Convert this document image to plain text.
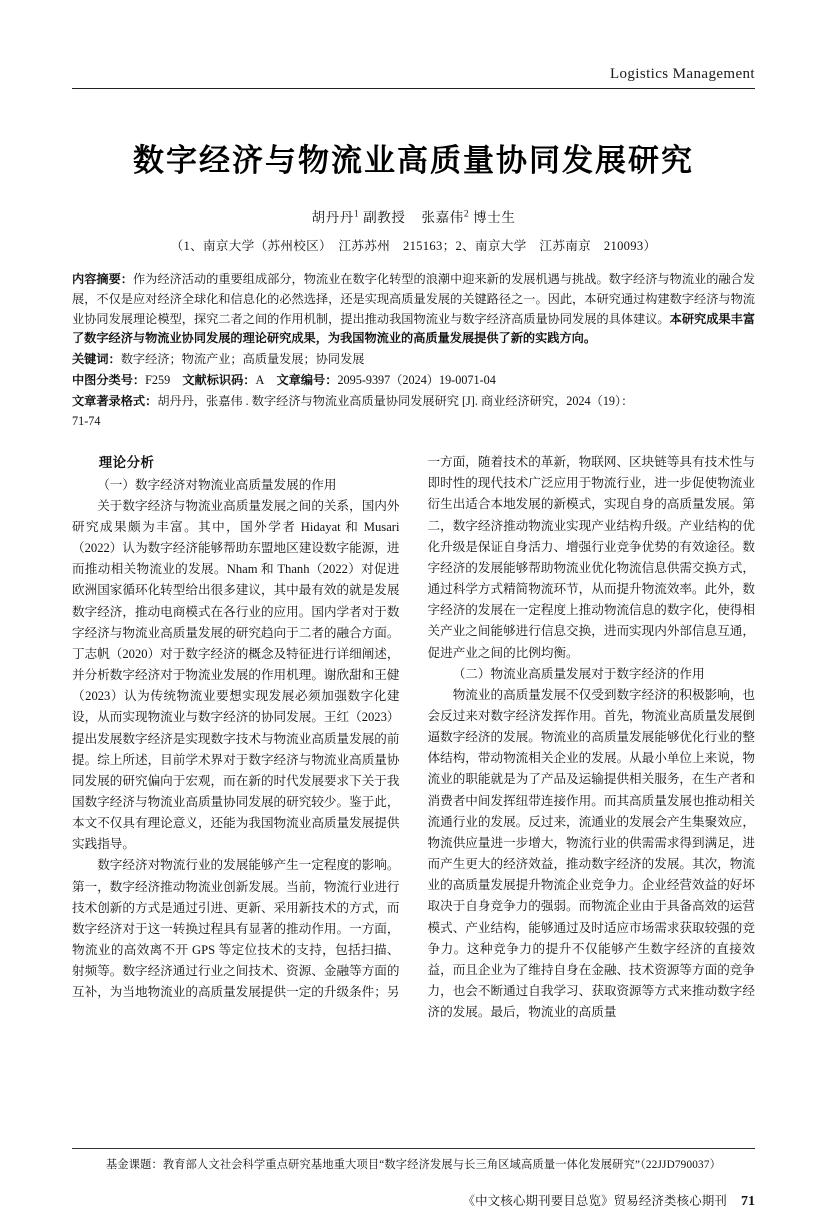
Logistics Management
数字经济与物流业高质量协同发展研究
胡丹丹$^1$ 副教授 张嘉伟$^2$ 博士生
（1、南京大学（苏州校区）　江苏苏州　215163；2、南京大学　江苏南京　210093）

内容摘要：作为经济活动的重要组成部分，物流业在数字化转型的浪潮中迎来新的发展机遇与挑战。数字经济与物流业的融合发展，不仅是应对经济全球化和信息化的必然选择，还是实现高质量发展的关键路径之一。因此，本研究通过构建数字经济与物流业协同发展理论模型，探究二者之间的作用机制，提出推动我国物流业与数字经济高质量协同发展的具体建议。本研究成果丰富了数字经济与物流业协同发展的理论研究成果，为我国物流业的高质量发展提供了新的实践方向。

关键词：数字经济；物流产业；高质量发展；协同发展

中图分类号：F259 文献标识码：A 文章编号：2095-9397（2024）19-0071-04

文章著录格式：胡丹丹，张嘉伟 . 数字经济与物流业高质量协同发展研究 [J]. 商业经济研究，2024（19）：

71-74

理论分析

（一）数字经济对物流业高质量发展的作用

关于数字经济与物流业高质量发展之间的关系，国内外研究成果颇为丰富。其中，国外学者 Hidayat 和 Musari（2022）认为数字经济能够帮助东盟地区建设数字能源，进而推动相关物流业的发展。Nham 和 Thanh（2022）对促进欧洲国家循环化转型给出很多建议，其中最有效的就是发展数字经济，推动电商模式在各行业的应用。国内学者对于数字经济与物流业高质量发展的研究趋向于二者的融合方面。丁志帆（2020）对于数字经济的概念及特征进行详细阐述，并分析数字经济对于物流业发展的作用机理。谢欣甜和王健（2023）认为传统物流业要想实现发展必须加强数字化建设，从而实现物流业与数字经济的协同发展。王红（2023）提出发展数字经济是实现数字技术与物流业高质量发展的前提。综上所述，目前学术界对于数字经济与物流业高质量协同发展的研究偏向于宏观，而在新的时代发展要求下关于我国数字经济与物流业高质量协同发展的研究较少。鉴于此，本文不仅具有理论意义，还能为我国物流业高质量发展提供实践指导。

数字经济对物流行业的发展能够产生一定程度的影响。第一，数字经济推动物流业创新发展。当前，物流行业进行技术创新的方式是通过引进、更新、采用新技术的方式，而数字经济对于这一转换过程具有显著的推动作用。一方面，物流业的高效离不开 GPS 等定位技术的支持，包括扫描、射频等。数字经济通过行业之间技术、资源、金融等方面的互补，为当地物流业的高质量发展提供一定的升级条件；另

一方面，随着技术的革新，物联网、区块链等具有技术性与即时性的现代技术广泛应用于物流行业，进一步促使物流业衍生出适合本地发展的新模式，实现自身的高质量发展。第二，数字经济推动物流业实现产业结构升级。产业结构的优化升级是保证自身活力、增强行业竞争优势的有效途径。数字经济的发展能够帮助物流业优化物流信息供需交换方式，通过科学方式精简物流环节，从而提升物流效率。此外，数字经济的发展在一定程度上推动物流信息的数字化，使得相关产业之间能够进行信息交换，进而实现内外部信息互通，促进产业之间的比例均衡。

（二）物流业高质量发展对于数字经济的作用

物流业的高质量发展不仅受到数字经济的积极影响，也会反过来对数字经济发挥作用。首先，物流业高质量发展倒逼数字经济的发展。物流业的高质量发展能够优化行业的整体结构，带动物流相关企业的发展。从最小单位上来说，物流业的职能就是为了产品及运输提供相关服务，在生产者和消费者中间发挥纽带连接作用。而其高质量发展也推动相关流通行业的发展。反过来，流通业的发展会产生集聚效应，物流供应量进一步增大，物流行业的供需需求得到满足，进而产生更大的经济效益，推动数字经济的发展。其次，物流业的高质量发展提升物流企业竞争力。企业经营效益的好坏取决于自身竞争力的强弱。而物流企业由于具备高效的运营模式、产业结构，能够通过及时适应市场需求获取较强的竞争力。这种竞争力的提升不仅能够产生数字经济的直接效益，而且企业为了维持自身在金融、技术资源等方面的竞争力，也会不断通过自我学习、获取资源等方式来推动数字经济的发展。最后，物流业的高质量

基金课题：教育部人文社会科学重点研究基地重大项目“数字经济发展与长三角区域高质量一体化发展研究”（22JJD790037）
《中文核心期刊要目总览》贸易经济类核心期刊 71
